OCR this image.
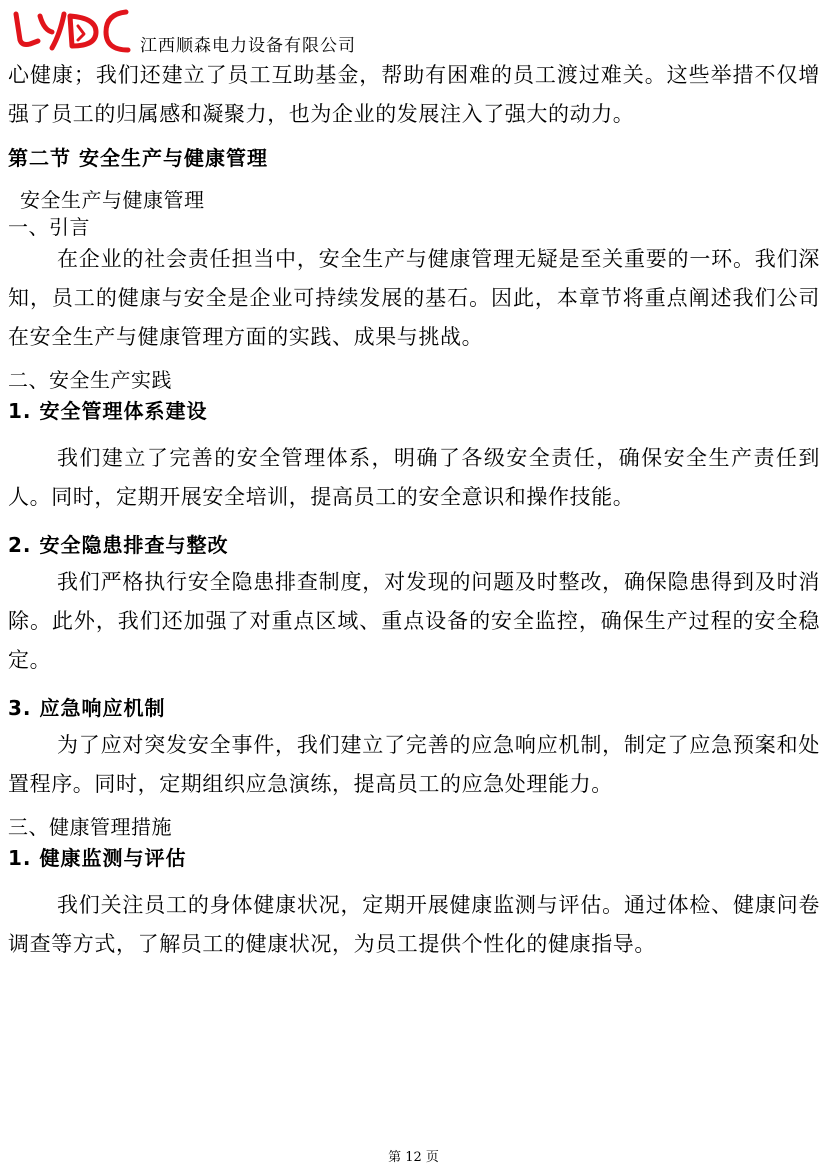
江西顺森电力设备有限公司

心健康；我们还建立了员工互助基金，帮助有困难的员工渡过难关。这些举措不仅增强了员工的归属感和凝聚力，也为企业的发展注入了强大的动力。

第二节 安全生产与健康管理
安全生产与健康管理
一、引言

在企业的社会责任担当中，安全生产与健康管理无疑是至关重要的一环。我们深知，员工的健康与安全是企业可持续发展的基石。因此，本章节将重点阐述我们公司在安全生产与健康管理方面的实践、成果与挑战。

二、安全生产实践
1. 安全管理体系建设

我们建立了完善的安全管理体系，明确了各级安全责任，确保安全生产责任到人。同时，定期开展安全培训，提高员工的安全意识和操作技能。

2. 安全隐患排查与整改

我们严格执行安全隐患排查制度，对发现的问题及时整改，确保隐患得到及时消除。此外，我们还加强了对重点区域、重点设备的安全监控，确保生产过程的安全稳定。

3. 应急响应机制

为了应对突发安全事件，我们建立了完善的应急响应机制，制定了应急预案和处置程序。同时，定期组织应急演练，提高员工的应急处理能力。

三、健康管理措施
1. 健康监测与评估

我们关注员工的身体健康状况，定期开展健康监测与评估。通过体检、健康问卷调查等方式，了解员工的健康状况，为员工提供个性化的健康指导。

第 12 页
